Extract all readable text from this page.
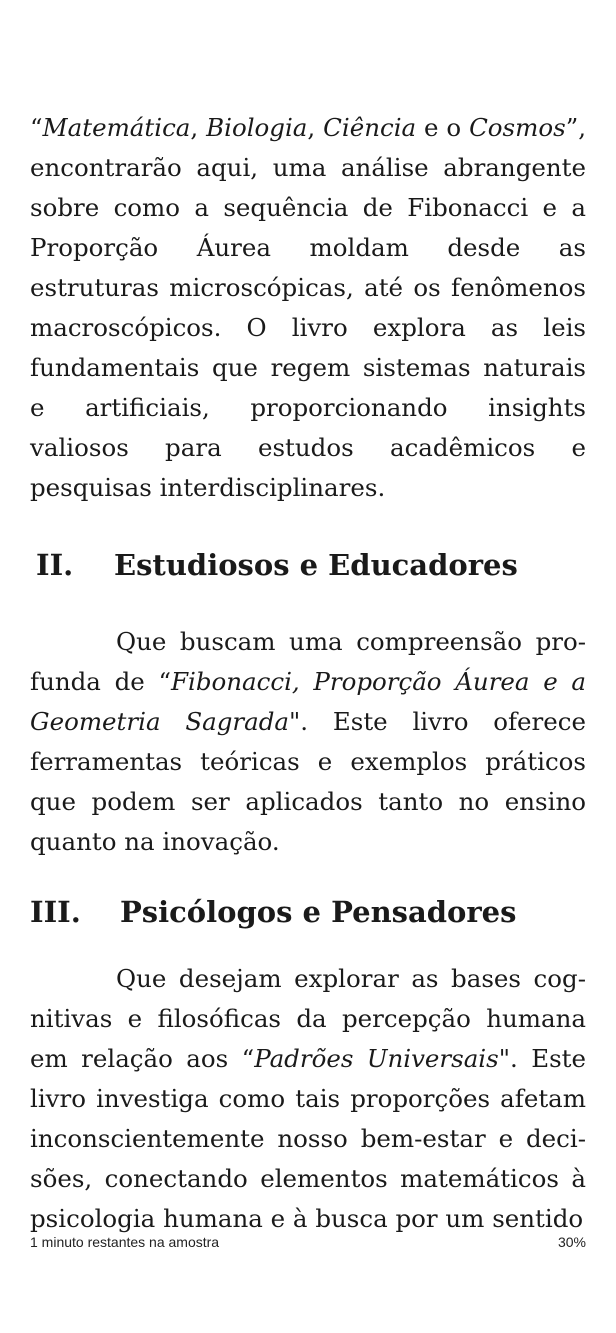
“Matemática, Biologia, Ciência e o Cosmos”, encontrarão aqui, uma análise abrangente sobre como a sequência de Fibonacci e a Proporção Áurea moldam desde as estruturas microscópicas, até os fenômenos macroscópicos. O livro explora as leis fundamentais que regem sistemas naturais e artificiais, proporcionando insights valiosos para estudos acadêmicos e pesquisas interdisciplinares.

II.	Estudiosos e Educadores

Que buscam uma compreensão profunda de “Fibonacci, Proporção Áurea e a Geometria Sagrada". Este livro oferece ferramentas teóricas e exemplos práticos que podem ser aplicados tanto no ensino quanto na inovação.

III.	Psicólogos e Pensadores

Que desejam explorar as bases cognitivas e filosóficas da percepção humana em relação aos “Padrões Universais". Este livro investiga como tais proporções afetam inconscientemente nosso bem-estar e decisões, conectando elementos matemáticos à psicologia humana e à busca por um sentido

1 minuto restantes na amostra	30%
